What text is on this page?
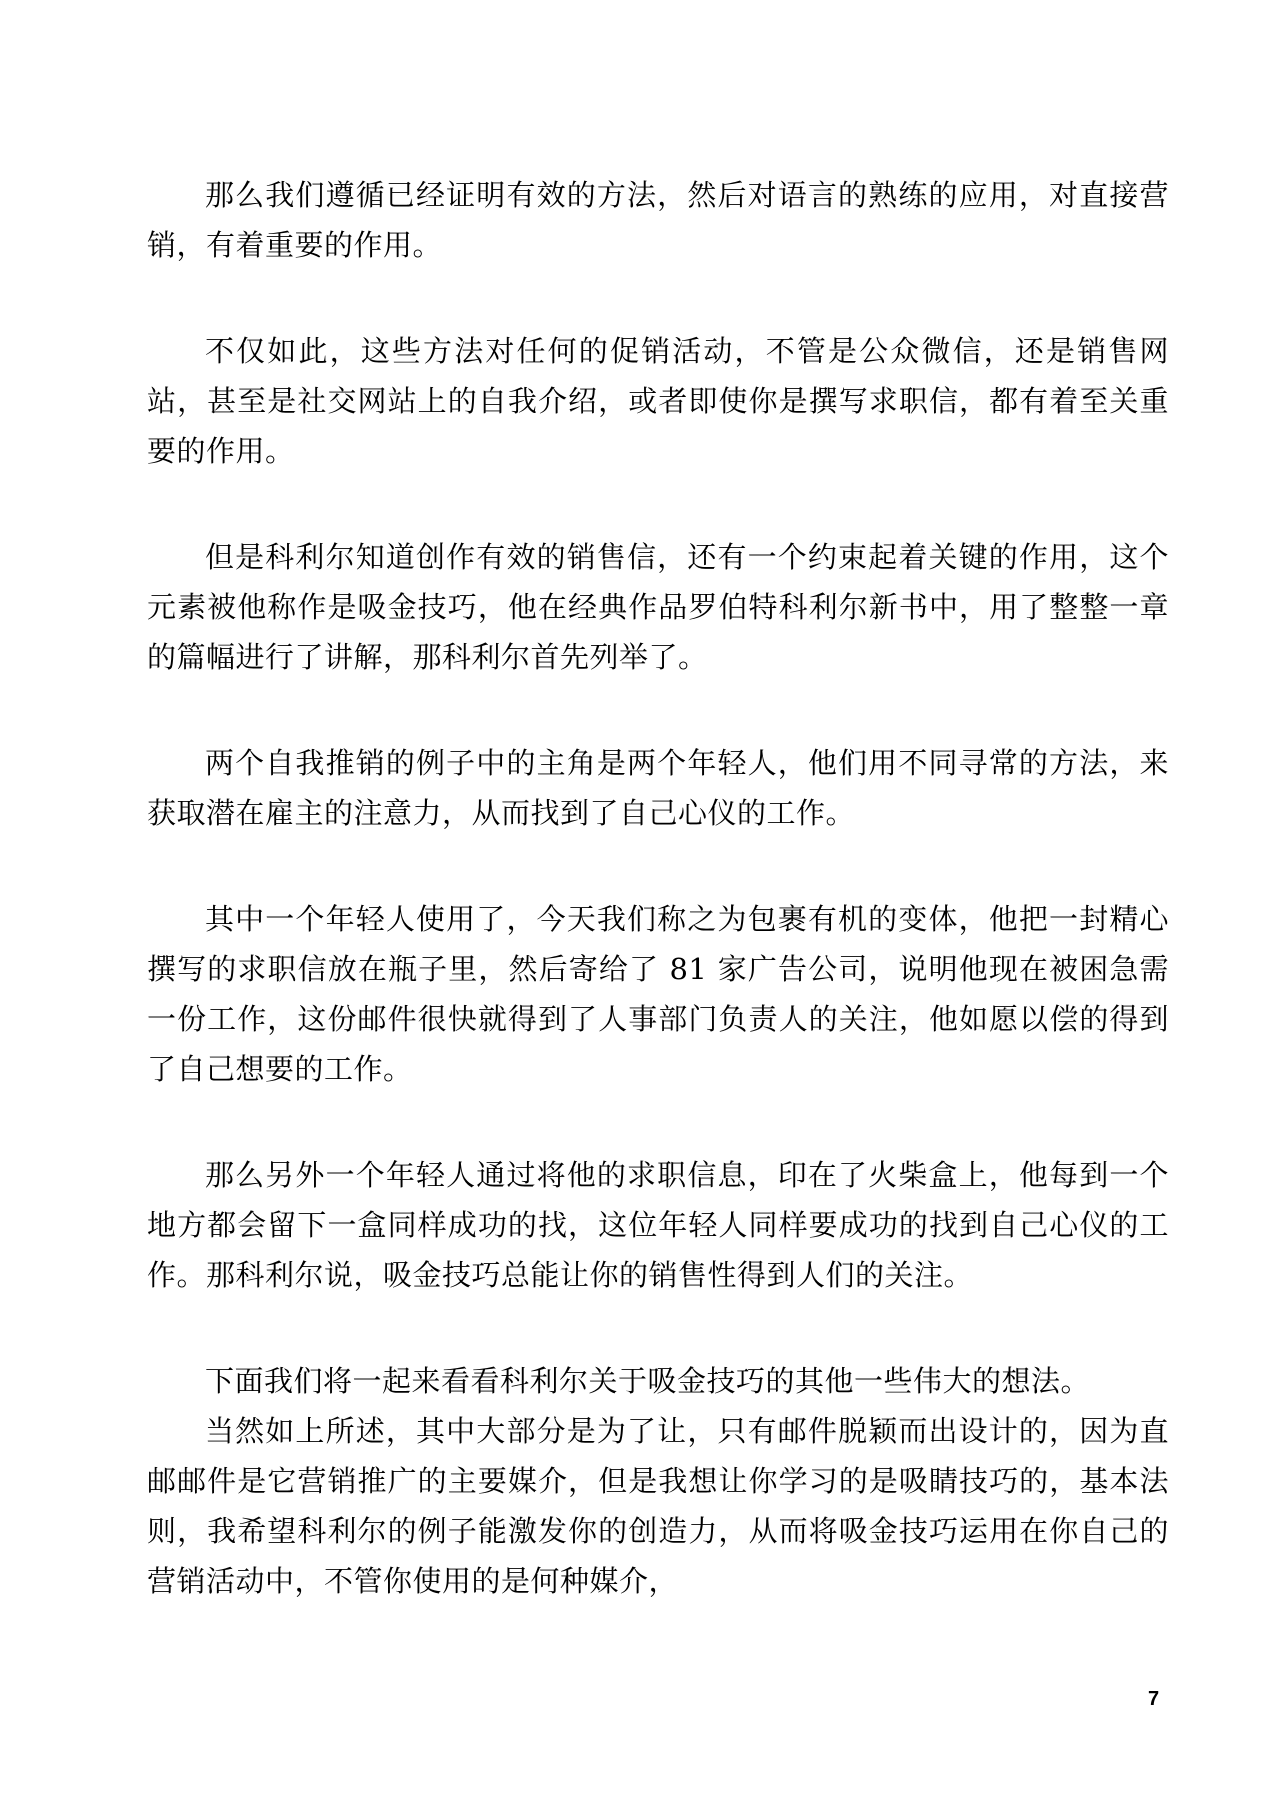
那么我们遵循已经证明有效的方法，然后对语言的熟练的应用，对直接营销，有着重要的作用。

不仅如此，这些方法对任何的促销活动，不管是公众微信，还是销售网站，甚至是社交网站上的自我介绍，或者即使你是撰写求职信，都有着至关重要的作用。

但是科利尔知道创作有效的销售信，还有一个约束起着关键的作用，这个元素被他称作是吸金技巧，他在经典作品罗伯特科利尔新书中，用了整整一章的篇幅进行了讲解，那科利尔首先列举了。

两个自我推销的例子中的主角是两个年轻人，他们用不同寻常的方法，来获取潜在雇主的注意力，从而找到了自己心仪的工作。

其中一个年轻人使用了，今天我们称之为包裹有机的变体，他把一封精心撰写的求职信放在瓶子里，然后寄给了 81 家广告公司，说明他现在被困急需一份工作，这份邮件很快就得到了人事部门负责人的关注，他如愿以偿的得到了自己想要的工作。

那么另外一个年轻人通过将他的求职信息，印在了火柴盒上，他每到一个地方都会留下一盒同样成功的找，这位年轻人同样要成功的找到自己心仪的工作。那科利尔说，吸金技巧总能让你的销售性得到人们的关注。

下面我们将一起来看看科利尔关于吸金技巧的其他一些伟大的想法。

当然如上所述，其中大部分是为了让，只有邮件脱颖而出设计的，因为直邮邮件是它营销推广的主要媒介，但是我想让你学习的是吸睛技巧的，基本法则，我希望科利尔的例子能激发你的创造力，从而将吸金技巧运用在你自己的营销活动中，不管你使用的是何种媒介，

7
